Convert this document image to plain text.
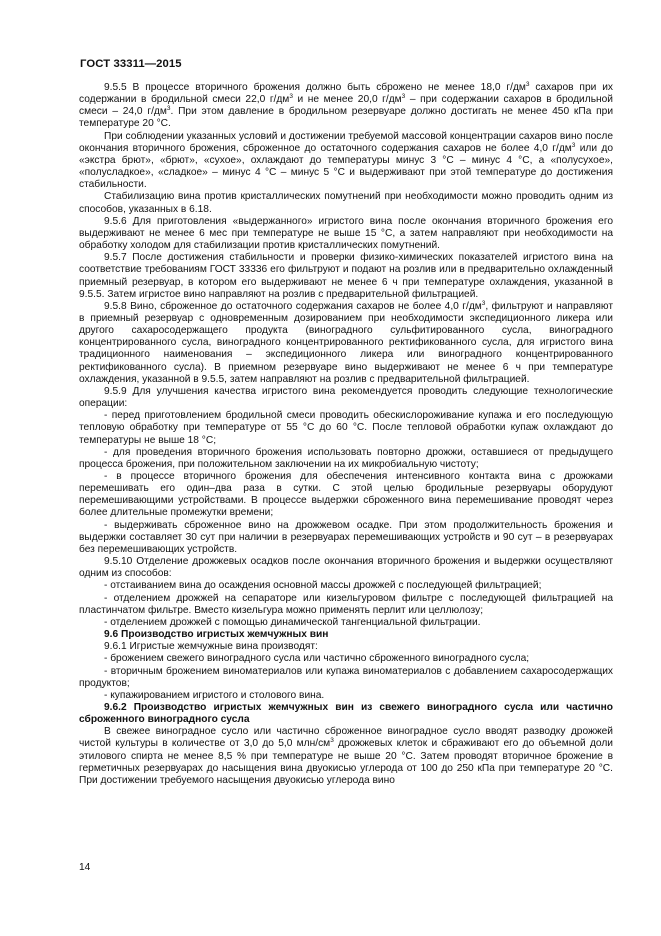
ГОСТ 33311—2015

9.5.5 В процессе вторичного брожения должно быть сброжено не менее 18,0 $г/дм^3$ сахаров при их содержании в бродильной смеси 22,0 $г/дм^3$ и не менее 20,0 $г/дм^3$ – при содержании сахаров в бродильной смеси – 24,0 $г/дм^3$. При этом давление в бродильном резервуаре должно достигать не менее 450 кПа при температуре 20 °С.

При соблюдении указанных условий и достижении требуемой массовой концентрации сахаров вино после окончания вторичного брожения, сброженное до остаточного содержания сахаров не более 4,0 $г/дм^3$ или до «экстра брют», «брют», «сухое», охлаждают до температуры минус 3 °С – минус 4 °С, а «полусухое», «полусладкое», «сладкое» – минус 4 °С – минус 5 °С и выдерживают при этой температуре до достижения стабильности.

Стабилизацию вина против кристаллических помутнений при необходимости можно проводить одним из способов, указанных в 6.18.

9.5.6 Для приготовления «выдержанного» игристого вина после окончания вторичного брожения его выдерживают не менее 6 мес при температуре не выше 15 °С, а затем направляют при необходимости на обработку холодом для стабилизации против кристаллических помутнений.

9.5.7 После достижения стабильности и проверки физико-химических показателей игристого вина на соответствие требованиям ГОСТ 33336 его фильтруют и подают на розлив или в предварительно охлажденный приемный резервуар, в котором его выдерживают не менее 6 ч при температуре охлаждения, указанной в 9.5.5. Затем игристое вино направляют на розлив с предварительной фильтрацией.

9.5.8 Вино, сброженное до остаточного содержания сахаров не более 4,0 $г/дм^3$, фильтруют и направляют в приемный резервуар с одновременным дозированием при необходимости экспедиционного ликера или другого сахаросодержащего продукта (виноградного сульфитированного сусла, виноградного концентрированного сусла, виноградного концентрированного ректификованного сусла, для игристого вина традиционного наименования – экспедиционного ликера или виноградного концентрированного ректификованного сусла). В приемном резервуаре вино выдерживают не менее 6 ч при температуре охлаждения, указанной в 9.5.5, затем направляют на розлив с предварительной фильтрацией.

9.5.9 Для улучшения качества игристого вина рекомендуется проводить следующие технологические операции:

- перед приготовлением бродильной смеси проводить обескислороживание купажа и его последующую тепловую обработку при температуре от 55 °С до 60 °С. После тепловой обработки купаж охлаждают до температуры не выше 18 °С;

- для проведения вторичного брожения использовать повторно дрожжи, оставшиеся от предыдущего процесса брожения, при положительном заключении на их микробиальную чистоту;

- в процессе вторичного брожения для обеспечения интенсивного контакта вина с дрожжами перемешивать его один–два раза в сутки. С этой целью бродильные резервуары оборудуют перемешивающими устройствами. В процессе выдержки сброженного вина перемешивание проводят через более длительные промежутки времени;

- выдерживать сброженное вино на дрожжевом осадке. При этом продолжительность брожения и выдержки составляет 30 сут при наличии в резервуарах перемешивающих устройств и 90 сут – в резервуарах без перемешивающих устройств.

9.5.10 Отделение дрожжевых осадков после окончания вторичного брожения и выдержки осуществляют одним из способов:

- отстаиванием вина до осаждения основной массы дрожжей с последующей фильтрацией;

- отделением дрожжей на сепараторе или кизельгуровом фильтре с последующей фильтрацией на пластинчатом фильтре. Вместо кизельгура можно применять перлит или целлюлозу;

- отделением дрожжей с помощью динамической тангенциальной фильтрации.

9.6 Производство игристых жемчужных вин

9.6.1 Игристые жемчужные вина производят:

- брожением свежего виноградного сусла или частично сброженного виноградного сусла;

- вторичным брожением виноматериалов или купажа виноматериалов с добавлением сахаросодержащих продуктов;

- купажированием игристого и столового вина.

9.6.2 Производство игристых жемчужных вин из свежего виноградного сусла или частично сброженного виноградного сусла

В свежее виноградное сусло или частично сброженное виноградное сусло вводят разводку дрожжей чистой культуры в количестве от 3,0 до 5,0 млн/$см^3$ дрожжевых клеток и сбраживают его до объемной доли этилового спирта не менее 8,5 % при температуре не выше 20 °С. Затем проводят вторичное брожение в герметичных резервуарах до насыщения вина двуокисью углерода от 100 до 250 кПа при температуре 20 °С. При достижении требуемого насыщения двуокисью углерода вино

14
